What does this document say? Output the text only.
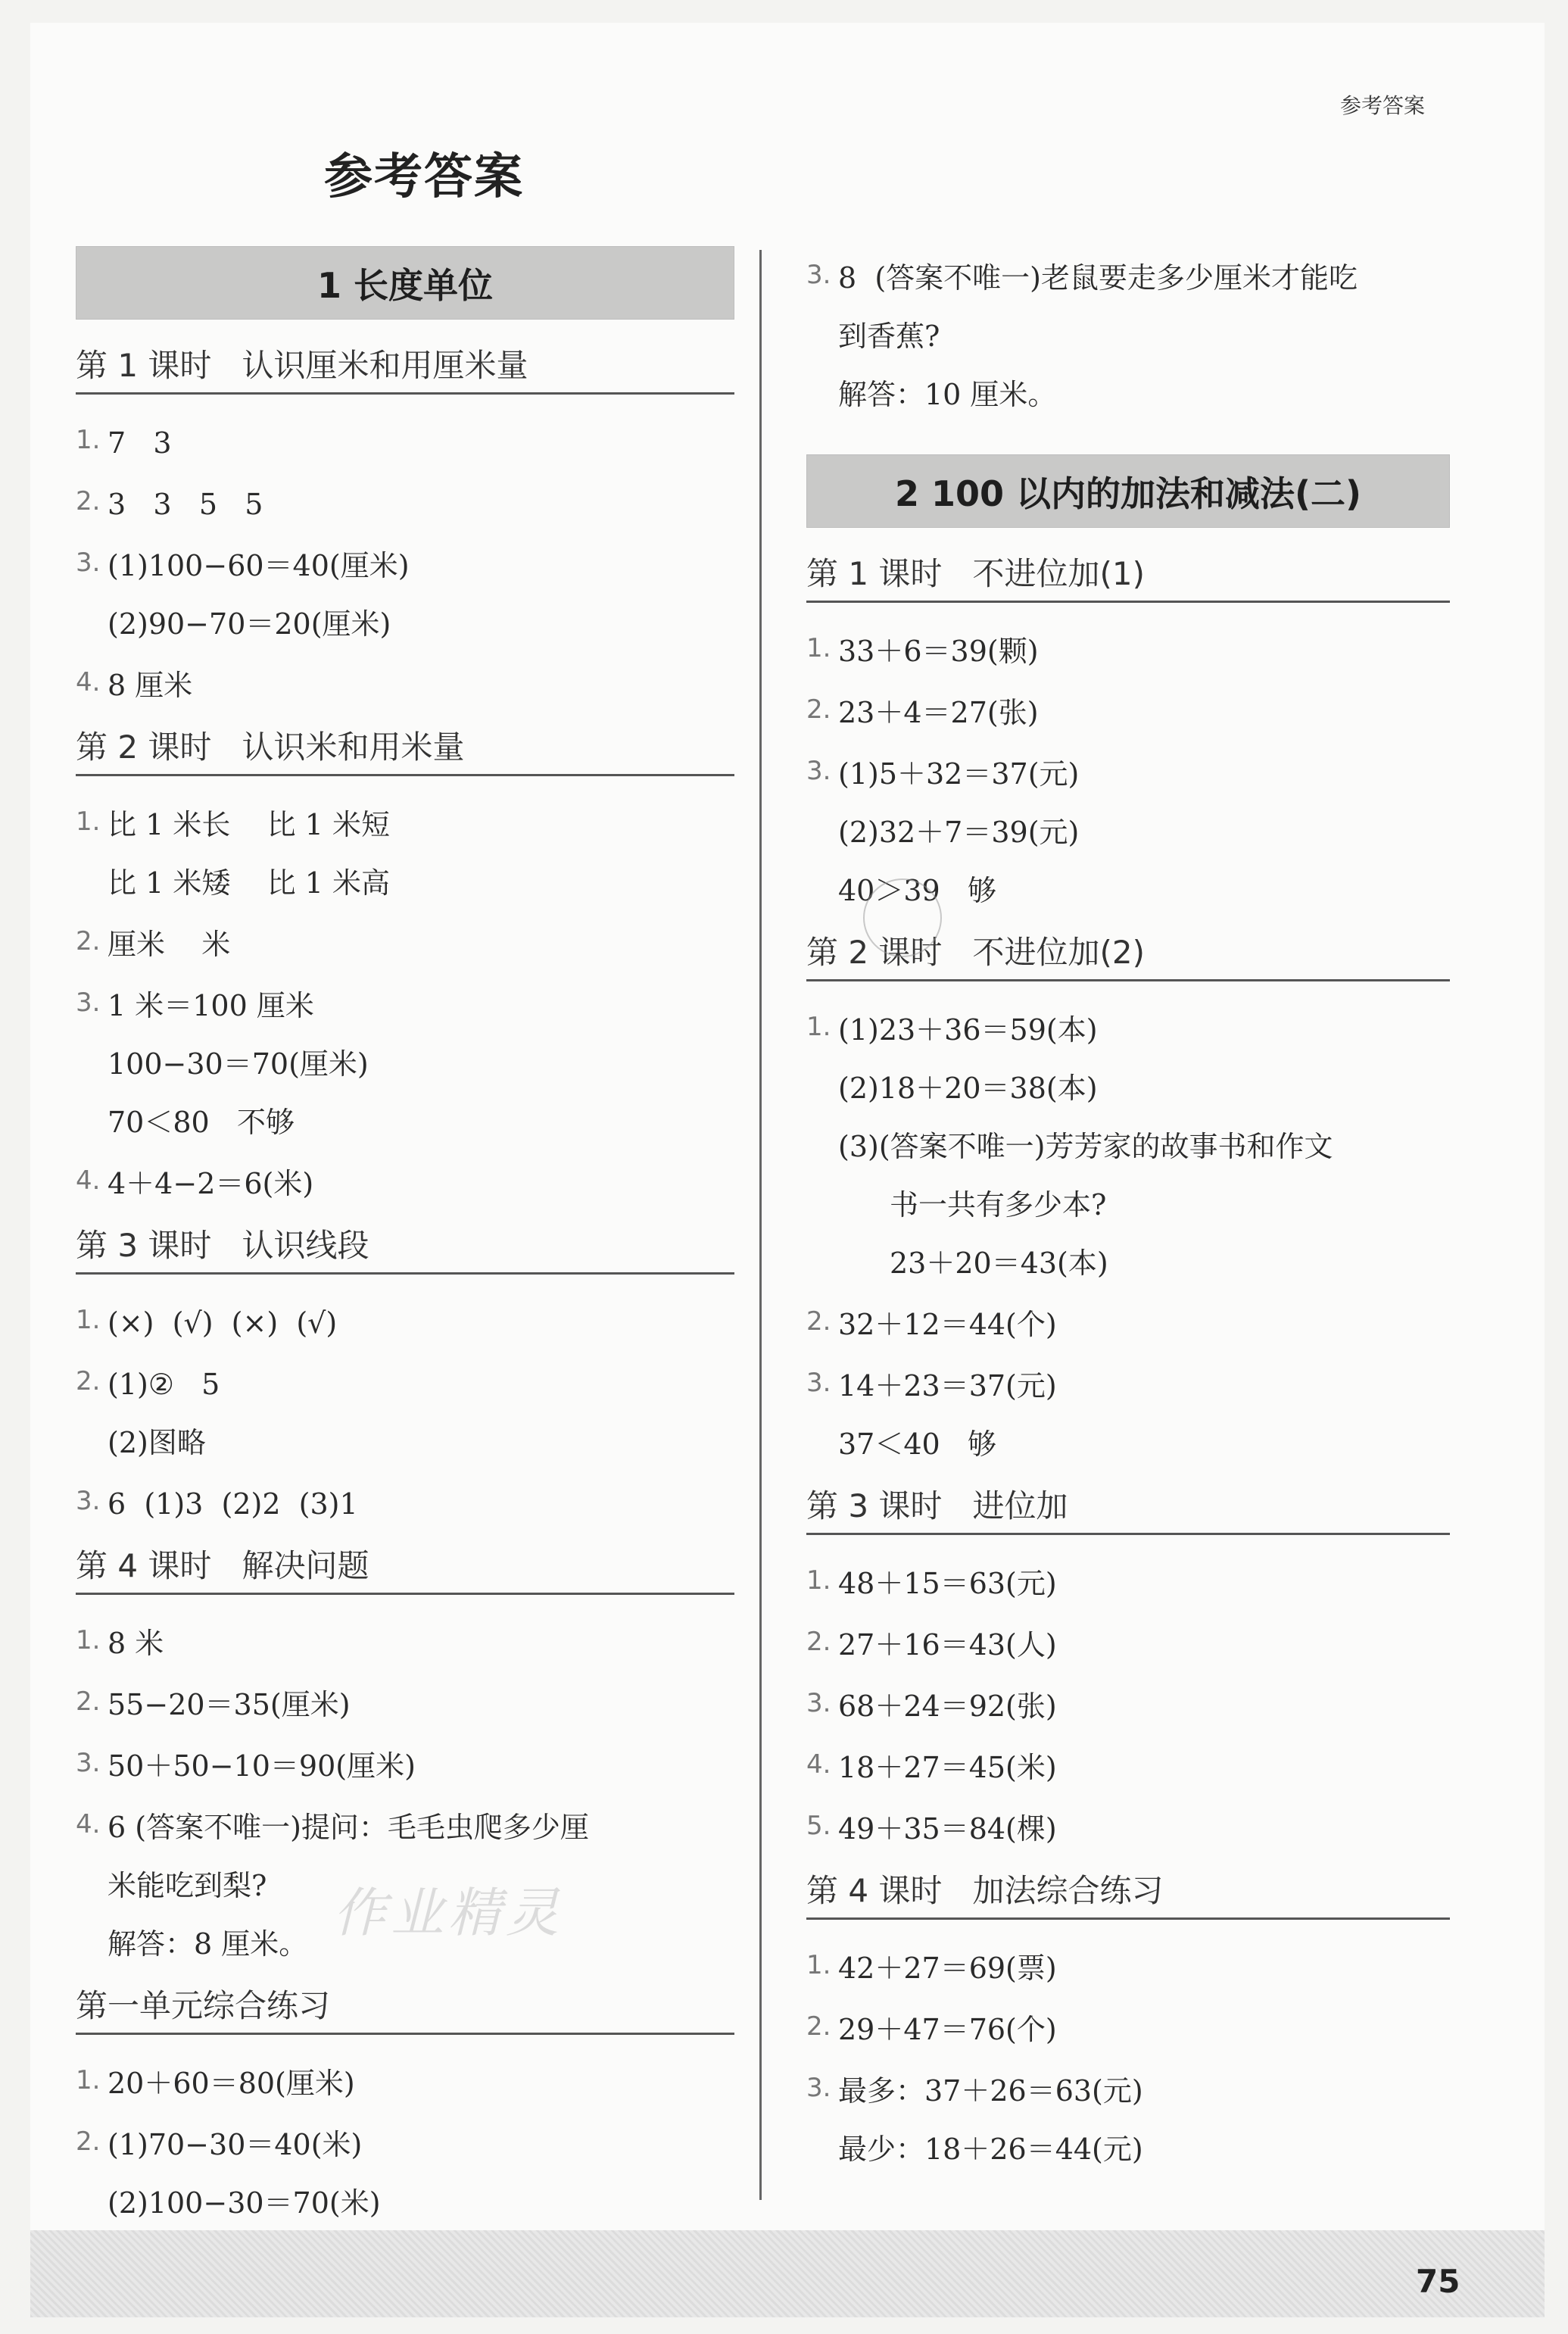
参考答案
参考答案
1 长度单位
第 1 课时   认识厘米和用厘米量
1. 7   3
2. 3   3   5   5
3. (1)100−60＝40(厘米)
(2)90−70＝20(厘米)
4. 8 厘米
第 2 课时   认识米和用米量
1. 比 1 米长    比 1 米短
比 1 米矮    比 1 米高
2. 厘米    米
3. 1 米＝100 厘米
100−30＝70(厘米)
70＜80   不够
4. 4＋4−2＝6(米)
第 3 课时   认识线段
1. (×)  (√)  (×)  (√)
2. (1)②   5
(2)图略
3. 6  (1)3  (2)2  (3)1
第 4 课时   解决问题
1. 8 米
2. 55−20＝35(厘米)
3. 50＋50−10＝90(厘米)
4. 6 (答案不唯一)提问：毛毛虫爬多少厘
米能吃到梨?
解答：8 厘米。
第一单元综合练习
1. 20＋60＝80(厘米)
2. (1)70−30＝40(米)
(2)100−30＝70(米)
3. 8  (答案不唯一)老鼠要走多少厘米才能吃
到香蕉?
解答：10 厘米。
2 100 以内的加法和减法(二)
第 1 课时   不进位加(1)
1. 33＋6＝39(颗)
2. 23＋4＝27(张)
3. (1)5＋32＝37(元)
(2)32＋7＝39(元)
40＞39   够
第 2 课时   不进位加(2)
1. (1)23＋36＝59(本)
(2)18＋20＝38(本)
(3)(答案不唯一)芳芳家的故事书和作文
书一共有多少本?
23＋20＝43(本)
2. 32＋12＝44(个)
3. 14＋23＝37(元)
37＜40   够
第 3 课时   进位加
1. 48＋15＝63(元)
2. 27＋16＝43(人)
3. 68＋24＝92(张)
4. 18＋27＝45(米)
5. 49＋35＝84(棵)
第 4 课时   加法综合练习
1. 42＋27＝69(票)
2. 29＋47＝76(个)
3. 最多：37＋26＝63(元)
最少：18＋26＝44(元)
作业精灵
75
